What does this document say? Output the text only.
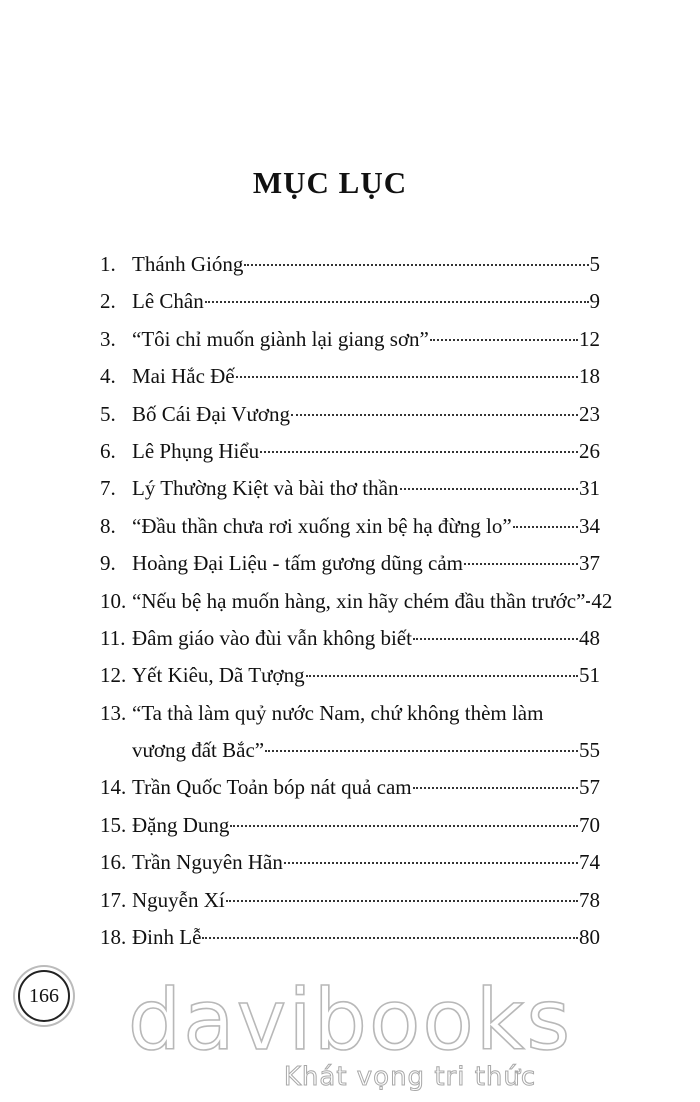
MỤC LỤC
1. Thánh Gióng	5
2. Lê Chân	9
3. “Tôi chỉ muốn giành lại giang sơn”	12
4. Mai Hắc Đế	18
5. Bố Cái Đại Vương	23
6. Lê Phụng Hiểu	26
7. Lý Thường Kiệt và bài thơ thần	31
8. “Đầu thần chưa rơi xuống xin bệ hạ đừng lo”	34
9. Hoàng Đại Liệu - tấm gương dũng cảm	37
10. “Nếu bệ hạ muốn hàng, xin hãy chém đầu thần trước” 42
11. Đâm giáo vào đùi vẫn không biết	48
12. Yết Kiêu, Dã Tượng	51
13. “Ta thà làm quỷ nước Nam, chứ không thèm làm
vương đất Bắc”	55
14. Trần Quốc Toản bóp nát quả cam	57
15. Đặng Dung	70
16. Trần Nguyên Hãn	74
17. Nguyễn Xí	78
18. Đinh Lễ	80
166 davibooks
Khát vọng tri thức
